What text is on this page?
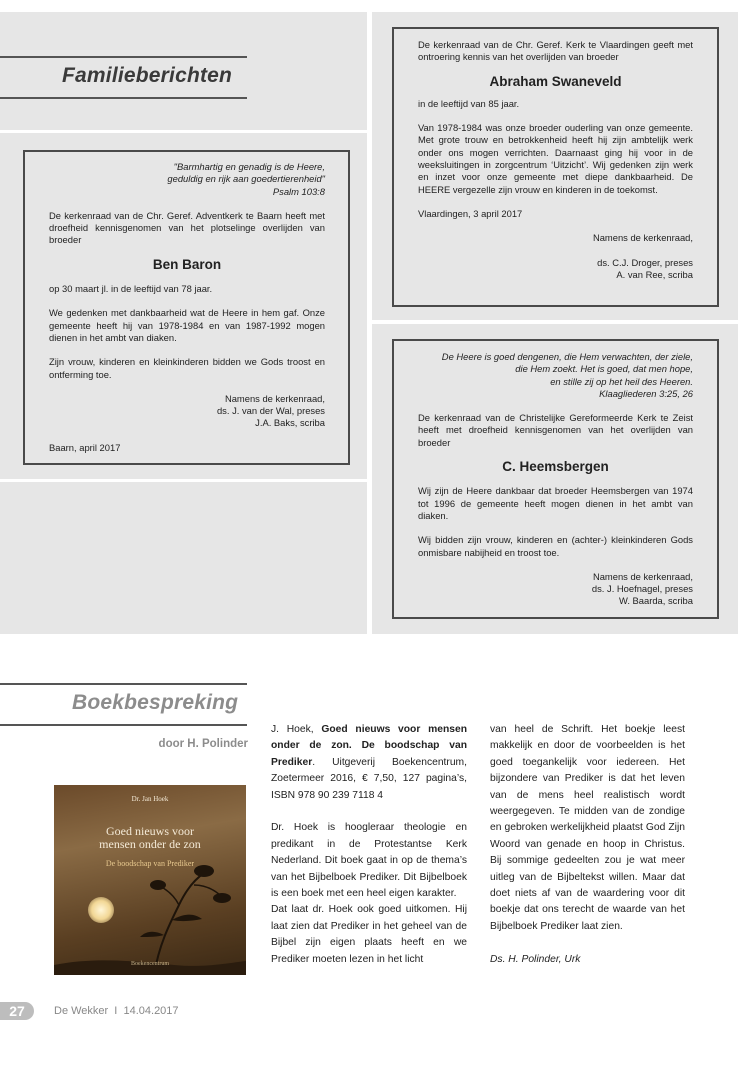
Familieberichten
"Barmhartig en genadig is de Heere,
geduldig en rijk aan goedertierenheid"
Psalm 103:8

De kerkenraad van de Chr. Geref. Adventkerk te Baarn heeft met droefheid kennisgenomen van het plotselinge overlijden van broeder

Ben Baron

op 30 maart jl. in de leeftijd van 78 jaar.

We gedenken met dankbaarheid wat de Heere in hem gaf. Onze gemeente heeft hij van 1978-1984 en van 1987-1992 mogen dienen in het ambt van diaken.

Zijn vrouw, kinderen en kleinkinderen bidden we Gods troost en ontferming toe.

Namens de kerkenraad,
ds. J. van der Wal, preses
J.A. Baks, scriba
Baarn, april 2017

De kerkenraad van de Chr. Geref. Kerk te Vlaardingen geeft met ontroering kennis van het overlijden van broeder

Abraham Swaneveld

in de leeftijd van 85 jaar.

Van 1978-1984 was onze broeder ouderling van onze gemeente. Met grote trouw en betrokkenheid heeft hij zijn ambtelijk werk onder ons mogen verrichten. Daarnaast ging hij voor in de weeksluitingen in zorgcentrum ‘Uitzicht’. Wij gedenken zijn werk en inzet voor onze gemeente met diepe dankbaarheid. De HEERE vergezelle zijn vrouw en kinderen in de toekomst.

Vlaardingen, 3 april 2017

Namens de kerkenraad,
ds. C.J. Droger, preses
A. van Ree, scriba
De Heere is goed dengenen, die Hem verwachten, der ziele,
die Hem zoekt. Het is goed, dat men hope,
en stille zij op het heil des Heeren.
Klaagliederen 3:25, 26

De kerkenraad van de Christelijke Gereformeerde Kerk te Zeist heeft met droefheid kennisgenomen van het overlijden van broeder

C. Heemsbergen

Wij zijn de Heere dankbaar dat broeder Heemsbergen van 1974 tot 1996 de gemeente heeft mogen dienen in het ambt van diaken.

Wij bidden zijn vrouw, kinderen en (achter-) kleinkinderen Gods onmisbare nabijheid en troost toe.

Namens de kerkenraad,
ds. J. Hoefnagel, preses
W. Baarda, scriba
Boekbespreking
door H. Polinder
Dr. Jan Hoek
Goed nieuws voor
mensen onder de zon
De boodschap van Prediker
Boekencentrum

J. Hoek, Goed nieuws voor mensen onder de zon. De boodschap van Prediker. Uitgeverij Boekencentrum, Zoetermeer 2016, € 7,50, 127 pagina’s, ISBN 978 90 239 7118 4

Dr. Hoek is hoogleraar theologie en predikant in de Protestantse Kerk Nederland. Dit boek gaat in op de thema’s van het Bijbelboek Prediker. Dit Bijbelboek is een boek met een heel eigen karakter.

Dat laat dr. Hoek ook goed uitkomen. Hij laat zien dat Prediker in het geheel van de Bijbel zijn eigen plaats heeft en we Prediker moeten lezen in het licht

van heel de Schrift. Het boekje leest makkelijk en door de voorbeelden is het goed toegankelijk voor iedereen. Het bijzondere van Prediker is dat het leven van de mens heel realistisch wordt weergegeven. Te midden van de zondige en gebroken werkelijkheid plaatst God Zijn Woord van genade en hoop in Christus. Bij sommige gedeelten zou je wat meer uitleg van de Bijbeltekst willen. Maar dat doet niets af van de waardering voor dit boekje dat ons terecht de waarde van het Bijbelboek Prediker laat zien.

Ds. H. Polinder, Urk
27	De Wekker  I  14.04.2017
